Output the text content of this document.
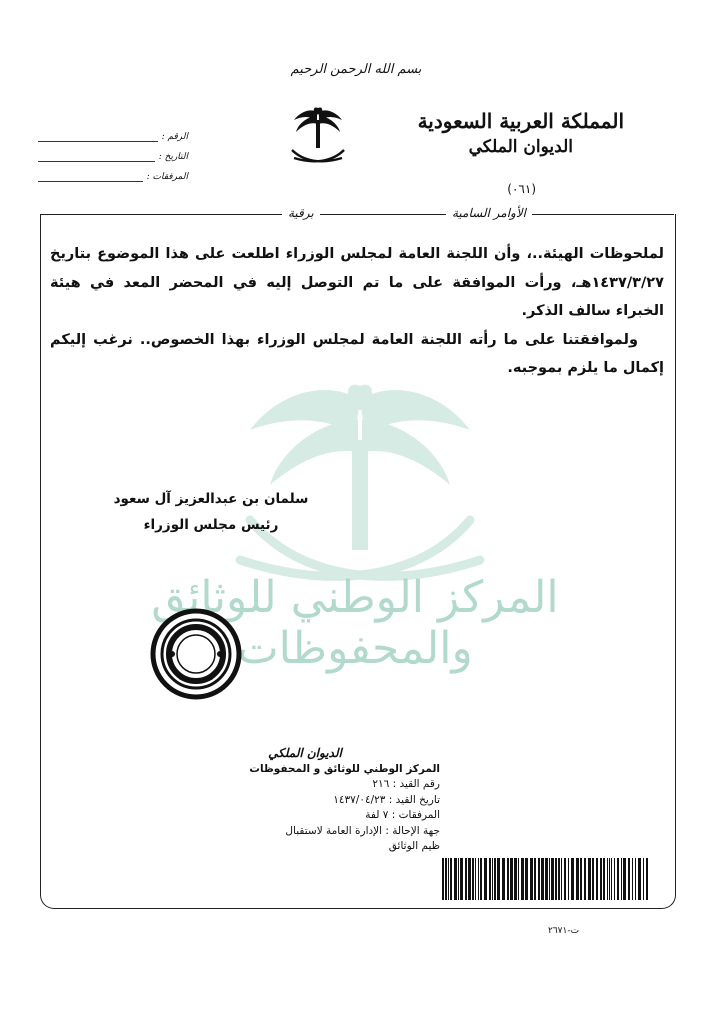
بسم الله الرحمن الرحيم
المملكة العربية السعودية
الديوان الملكي
(٠٦١)
الرقم :
التاريخ :
المرفقات :
الأوامر السامية
برقية
المركز الوطني للوثائق والمحفوظات

لملحوظات الهيئة..، وأن اللجنة العامة لمجلس الوزراء اطلعت على هذا الموضوع بتاريخ ١٤٣٧/٣/٢٧هـ، ورأت الموافقة على ما تم التوصل إليه في المحضر المعد في هيئة الخبراء سالف الذكر.

ولموافقتنا على ما رأته اللجنة العامة لمجلس الوزراء بهذا الخصوص.. نرغب إليكم إكمال ما يلزم بموجبه.

سلمان بن عبدالعزيز آل سعود
رئيس مجلس الوزراء
الديوان الملكي
المركز الوطني للوثائق و المحفوظات
رقم القيد : ٢١٦
تاريخ القيد : ١٤٣٧/٠٤/٢٣
المرفقات : ٧ لفة
جهة الإحالة : الإدارة العامة لاستقبال
ظيم الوثائق
ت-٢٦٧١
